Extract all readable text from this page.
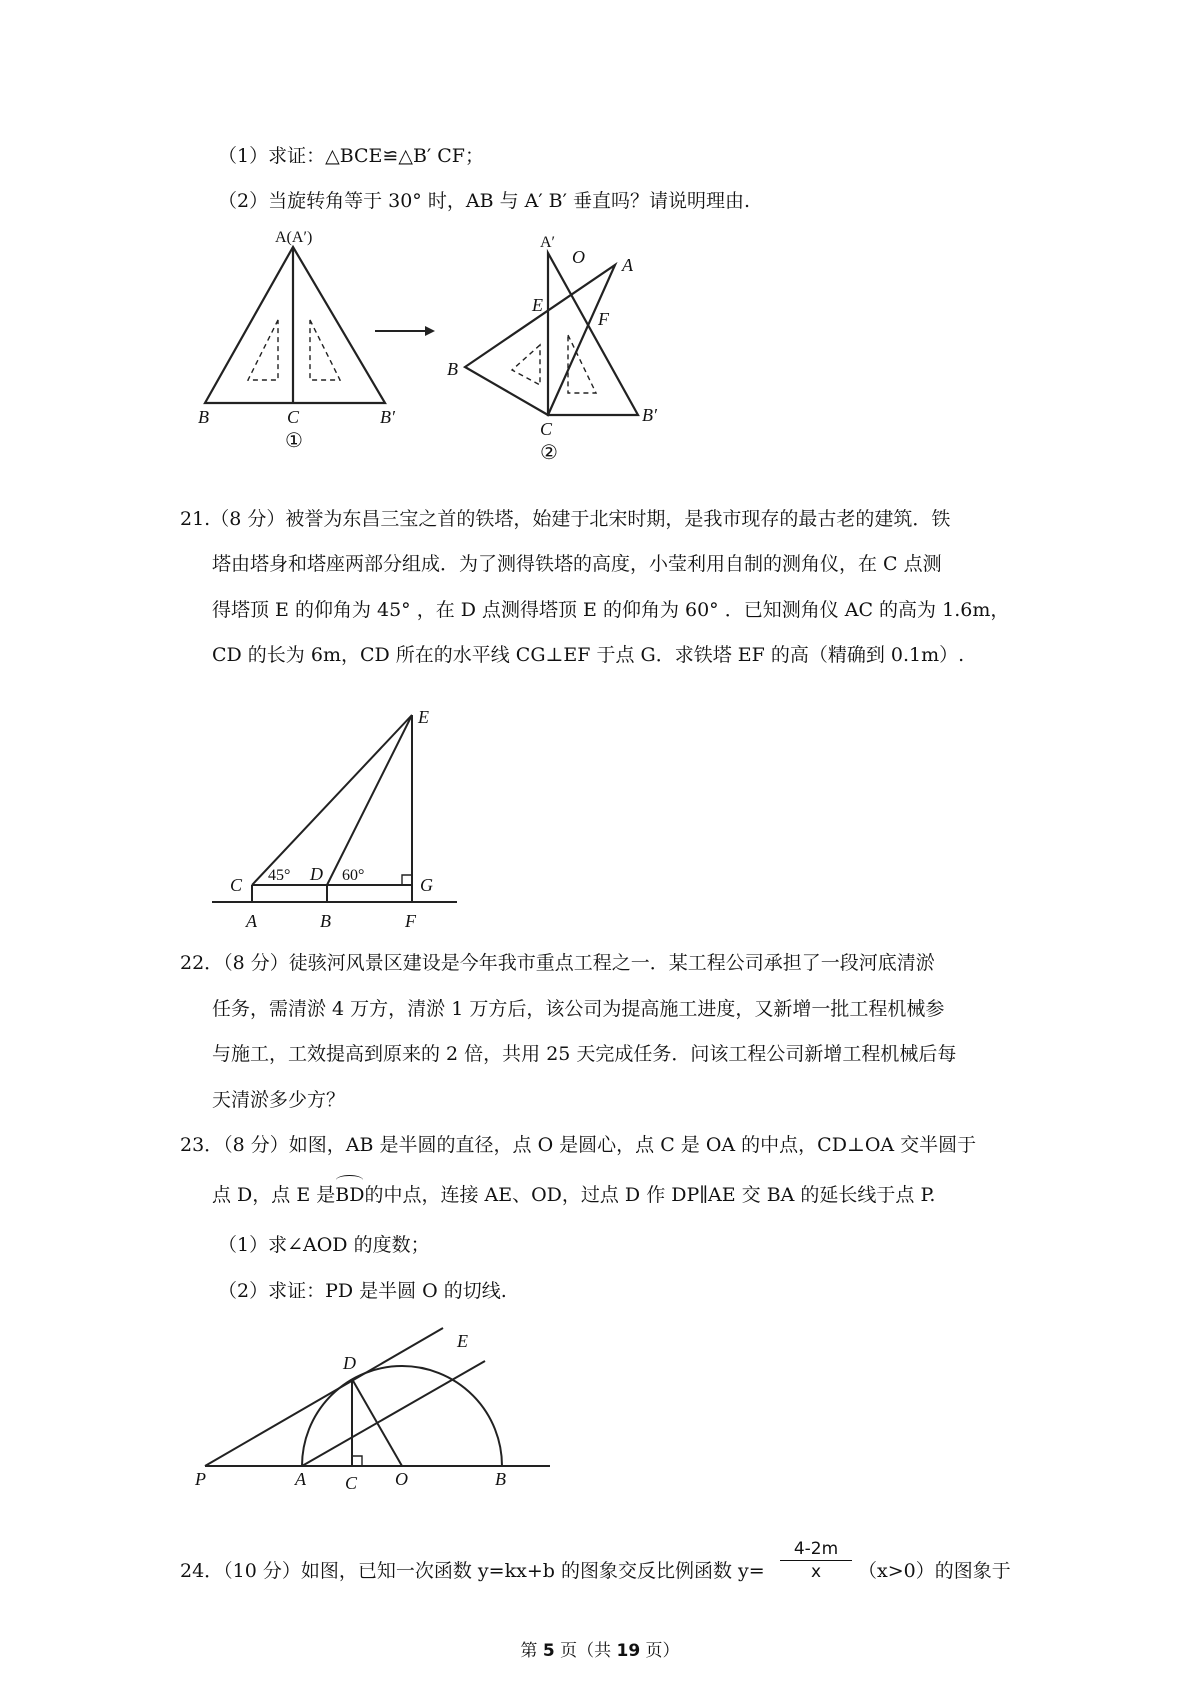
（1）求证：△BCE≌△B′ CF；
（2）当旋转角等于 30° 时，AB 与 A′ B′ 垂直吗？请说明理由.
A(A′)
B	C	B′
①
A′
O A
E
F
B
C
B′
②
21.（8 分）被誉为东昌三宝之首的铁塔，始建于北宋时期，是我市现存的最古老的建筑．铁
塔由塔身和塔座两部分组成．为了测得铁塔的高度，小莹利用自制的测角仪，在 C 点测
得塔顶 E 的仰角为 45° ，在 D 点测得塔顶 E 的仰角为 60° ．已知测角仪 AC 的高为 1.6m，
CD 的长为 6m，CD 所在的水平线 CG⊥EF 于点 G．求铁塔 EF 的高（精确到 0.1m）.
E
C 45° D 60°	G
A	B	F
22．（8 分）徒骇河风景区建设是今年我市重点工程之一．某工程公司承担了一段河底清淤
任务，需清淤 4 万方，清淤 1 万方后，该公司为提高施工进度，又新增一批工程机械参
与施工，工效提高到原来的 2 倍，共用 25 天完成任务．问该工程公司新增工程机械后每
天清淤多少方？
23．（8 分）如图，AB 是半圆的直径，点 O 是圆心，点 C 是 OA 的中点，CD⊥OA 交半圆于
点 D，点 E 是
BD的中点，连接 AE、OD，过点 D 作 DP∥AE 交 BA 的延长线于点 P.
（1）求∠AOD 的度数；
（2）求证：PD 是半圆 O 的切线.
D
E
P	A C O	B
24．（10 分）如图，已知一次函数 y=kx+b 的图象交反比例函数 $y= \frac{4-2m}{x} (x>0)$的图象于
第 5 页（共 19 页）
